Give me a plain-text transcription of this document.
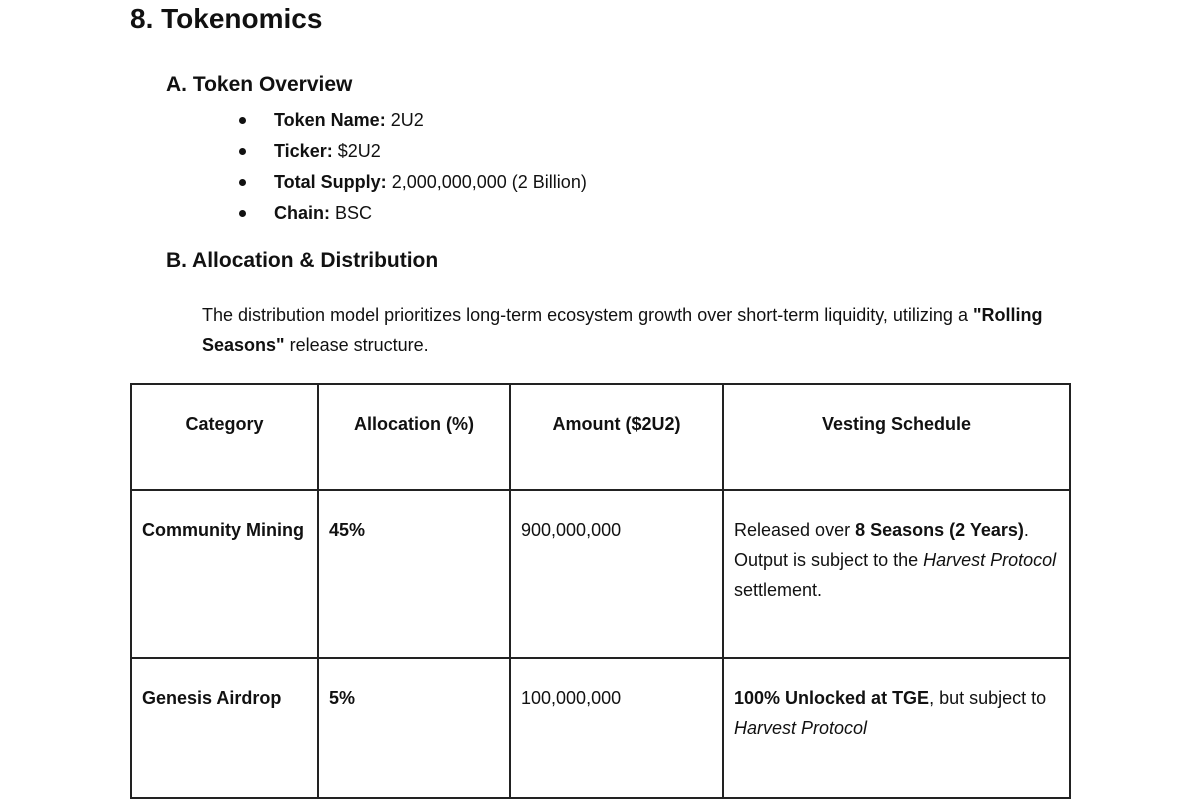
8. Tokenomics
A. Token Overview
Token Name: 2U2
Ticker: $2U2
Total Supply: 2,000,000,000 (2 Billion)
Chain: BSC
B. Allocation & Distribution

The distribution model prioritizes long-term ecosystem growth over short-term liquidity, utilizing a "Rolling Seasons" release structure.

Category	Allocation (%)	Amount ($2U2)	Vesting Schedule
Community Mining	45%	900,000,000	Released over 8 Seasons (2 Years). Output is subject to the Harvest Protocol settlement.
Genesis Airdrop	5%	100,000,000	100% Unlocked at TGE, but subject to Harvest Protocol
